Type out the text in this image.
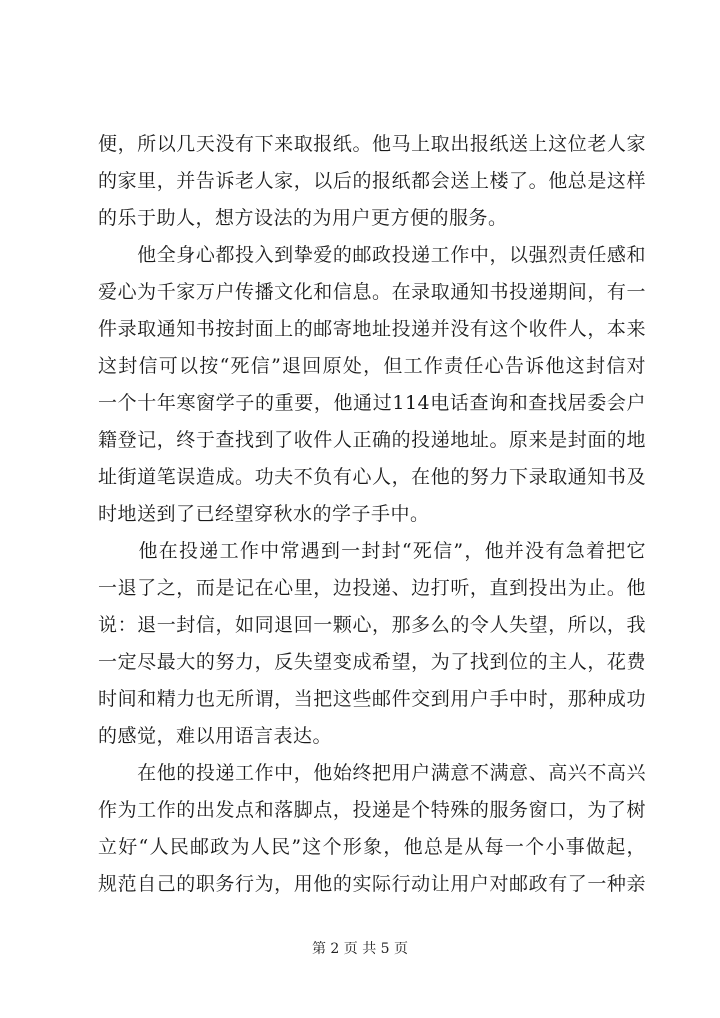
便，所以几天没有下来取报纸。他马上取出报纸送上这位老人家
的家里，并告诉老人家，以后的报纸都会送上楼了。他总是这样
的乐于助人，想方设法的为用户更方便的服务。
　　他全身心都投入到挚爱的邮政投递工作中，以强烈责任感和
爱心为千家万户传播文化和信息。在录取通知书投递期间，有一
件录取通知书按封面上的邮寄地址投递并没有这个收件人，本来
这封信可以按“死信”退回原处，但工作责任心告诉他这封信对
一个十年寒窗学子的重要，他通过114电话查询和查找居委会户
籍登记，终于查找到了收件人正确的投递地址。原来是封面的地
址街道笔误造成。功夫不负有心人，在他的努力下录取通知书及
时地送到了已经望穿秋水的学子手中。
　　他在投递工作中常遇到一封封“死信”，他并没有急着把它
一退了之，而是记在心里，边投递、边打听，直到投出为止。他
说：退一封信，如同退回一颗心，那多么的令人失望，所以，我
一定尽最大的努力，反失望变成希望，为了找到位的主人，花费
时间和精力也无所谓，当把这些邮件交到用户手中时，那种成功
的感觉，难以用语言表达。
　　在他的投递工作中，他始终把用户满意不满意、高兴不高兴
作为工作的出发点和落脚点，投递是个特殊的服务窗口，为了树
立好“人民邮政为人民”这个形象，他总是从每一个小事做起，
规范自己的职务行为，用他的实际行动让用户对邮政有了一种亲
第 2 页 共 5 页
